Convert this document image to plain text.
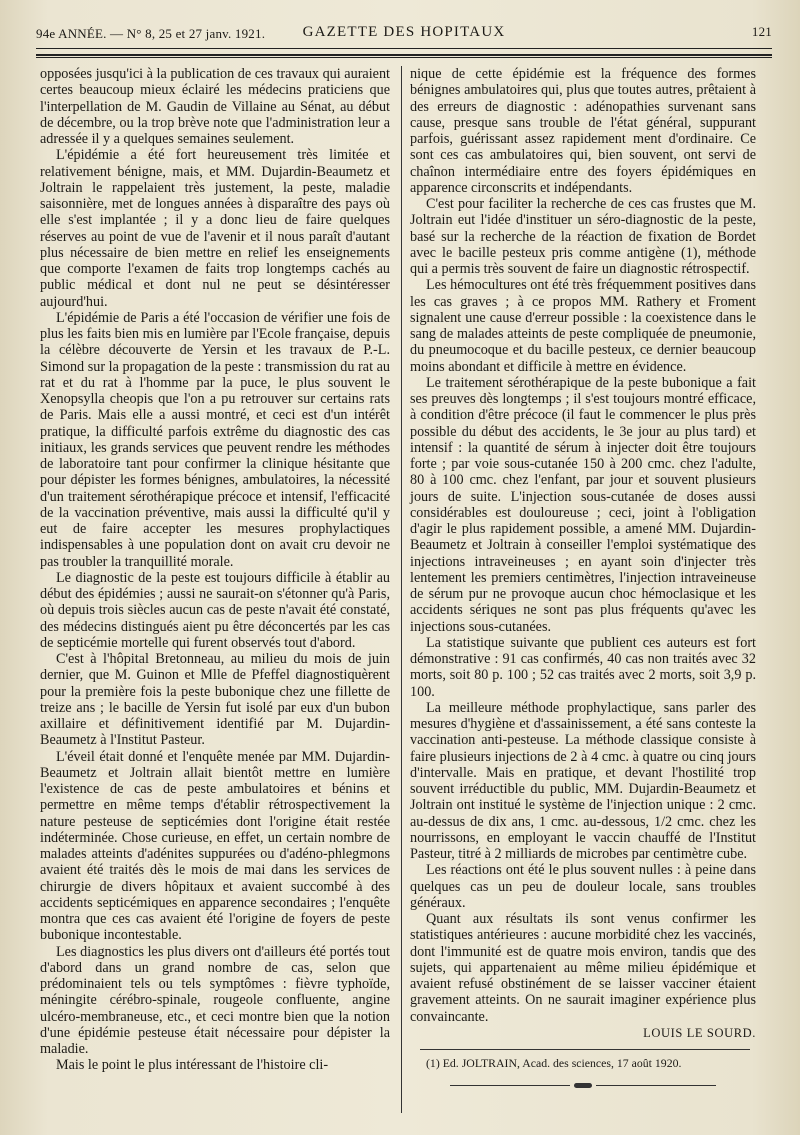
94e ANNÉE. — N° 8, 25 et 27 janv. 1921.	GAZETTE DES HOPITAUX	121

opposées jusqu'ici à la publication de ces travaux qui auraient certes beaucoup mieux éclairé les médecins praticiens que l'interpellation de M. Gaudin de Villaine au Sénat, au début de décembre, ou la trop brève note que l'administration leur a adressée il y a quelques semaines seulement.

L'épidémie a été fort heureusement très limitée et relativement bénigne, mais, et MM. Dujardin-Beaumetz et Joltrain le rappelaient très justement, la peste, maladie saisonnière, met de longues années à disparaître des pays où elle s'est implantée ; il y a donc lieu de faire quelques réserves au point de vue de l'avenir et il nous paraît d'autant plus nécessaire de bien mettre en relief les enseignements que comporte l'examen de faits trop longtemps cachés au public médical et dont nul ne peut se désintéresser aujourd'hui.

L'épidémie de Paris a été l'occasion de vérifier une fois de plus les faits bien mis en lumière par l'Ecole française, depuis la célèbre découverte de Yersin et les travaux de P.-L. Simond sur la propagation de la peste : transmission du rat au rat et du rat à l'homme par la puce, le plus souvent le Xenopsylla cheopis que l'on a pu retrouver sur certains rats de Paris. Mais elle a aussi montré, et ceci est d'un intérêt pratique, la difficulté parfois extrême du diagnostic des cas initiaux, les grands services que peuvent rendre les méthodes de laboratoire tant pour confirmer la clinique hésitante que pour dépister les formes bénignes, ambulatoires, la nécessité d'un traitement sérothérapique précoce et intensif, l'efficacité de la vaccination préventive, mais aussi la difficulté qu'il y eut de faire accepter les mesures prophylactiques indispensables à une population dont on avait cru devoir ne pas troubler la tranquillité morale.

Le diagnostic de la peste est toujours difficile à établir au début des épidémies ; aussi ne saurait-on s'étonner qu'à Paris, où depuis trois siècles aucun cas de peste n'avait été constaté, des médecins distingués aient pu être déconcertés par les cas de septicémie mortelle qui furent observés tout d'abord.

C'est à l'hôpital Bretonneau, au milieu du mois de juin dernier, que M. Guinon et Mlle de Pfeffel diagnostiquèrent pour la première fois la peste bubonique chez une fillette de treize ans ; le bacille de Yersin fut isolé par eux d'un bubon axillaire et définitivement identifié par M. Dujardin-Beaumetz à l'Institut Pasteur.

L'éveil était donné et l'enquête menée par MM. Dujardin-Beaumetz et Joltrain allait bientôt mettre en lumière l'existence de cas de peste ambulatoires et bénins et permettre en même temps d'établir rétrospectivement la nature pesteuse de septicémies dont l'origine était restée indéterminée. Chose curieuse, en effet, un certain nombre de malades atteints d'adénites suppurées ou d'adéno-phlegmons avaient été traités dès le mois de mai dans les services de chirurgie de divers hôpitaux et avaient succombé à des accidents septicémiques en apparence secondaires ; l'enquête montra que ces cas avaient été l'origine de foyers de peste bubonique incontestable.

Les diagnostics les plus divers ont d'ailleurs été portés tout d'abord dans un grand nombre de cas, selon que prédominaient tels ou tels symptômes : fièvre typhoïde, méningite cérébro-spinale, rougeole confluente, angine ulcéro-membraneuse, etc., et ceci montre bien que la notion d'une épidémie pesteuse était nécessaire pour dépister la maladie.

Mais le point le plus intéressant de l'histoire cli-

nique de cette épidémie est la fréquence des formes bénignes ambulatoires qui, plus que toutes autres, prêtaient à des erreurs de diagnostic : adénopathies survenant sans cause, presque sans trouble de l'état général, suppurant parfois, guérissant assez rapidement ment d'ordinaire. Ce sont ces cas ambulatoires qui, bien souvent, ont servi de chaînon intermédiaire entre des foyers épidémiques en apparence circonscrits et indépendants.

C'est pour faciliter la recherche de ces cas frustes que M. Joltrain eut l'idée d'instituer un séro-diagnostic de la peste, basé sur la recherche de la réaction de fixation de Bordet avec le bacille pesteux pris comme antigène (1), méthode qui a permis très souvent de faire un diagnostic rétrospectif.

Les hémocultures ont été très fréquemment positives dans les cas graves ; à ce propos MM. Rathery et Froment signalent une cause d'erreur possible : la coexistence dans le sang de malades atteints de peste compliquée de pneumonie, du pneumocoque et du bacille pesteux, ce dernier beaucoup moins abondant et difficile à mettre en évidence.

Le traitement sérothérapique de la peste bubonique a fait ses preuves dès longtemps ; il s'est toujours montré efficace, à condition d'être précoce (il faut le commencer le plus près possible du début des accidents, le 3e jour au plus tard) et intensif : la quantité de sérum à injecter doit être toujours forte ; par voie sous-cutanée 150 à 200 cmc. chez l'adulte, 80 à 100 cmc. chez l'enfant, par jour et souvent plusieurs jours de suite. L'injection sous-cutanée de doses aussi considérables est douloureuse ; ceci, joint à l'obligation d'agir le plus rapidement possible, a amené MM. Dujardin-Beaumetz et Joltrain à conseiller l'emploi systématique des injections intraveineuses ; en ayant soin d'injecter très lentement les premiers centimètres, l'injection intraveineuse de sérum pur ne provoque aucun choc hémoclasique et les accidents sériques ne sont pas plus fréquents qu'avec les injections sous-cutanées.

La statistique suivante que publient ces auteurs est fort démonstrative : 91 cas confirmés, 40 cas non traités avec 32 morts, soit 80 p. 100 ; 52 cas traités avec 2 morts, soit 3,9 p. 100.

La meilleure méthode prophylactique, sans parler des mesures d'hygiène et d'assainissement, a été sans conteste la vaccination anti-pesteuse. La méthode classique consiste à faire plusieurs injections de 2 à 4 cmc. à quatre ou cinq jours d'intervalle. Mais en pratique, et devant l'hostilité trop souvent irréductible du public, MM. Dujardin-Beaumetz et Joltrain ont institué le système de l'injection unique : 2 cmc. au-dessus de dix ans, 1 cmc. au-dessous, 1/2 cmc. chez les nourrissons, en employant le vaccin chauffé de l'Institut Pasteur, titré à 2 milliards de microbes par centimètre cube.

Les réactions ont été le plus souvent nulles : à peine dans quelques cas un peu de douleur locale, sans troubles généraux.

Quant aux résultats ils sont venus confirmer les statistiques antérieures : aucune morbidité chez les vaccinés, dont l'immunité est de quatre mois environ, tandis que des sujets, qui appartenaient au même milieu épidémique et avaient refusé obstinément de se laisser vacciner étaient gravement atteints. On ne saurait imaginer expérience plus convaincante.

LOUIS LE SOURD.

(1) Ed. JOLTRAIN, Acad. des sciences, 17 août 1920.
